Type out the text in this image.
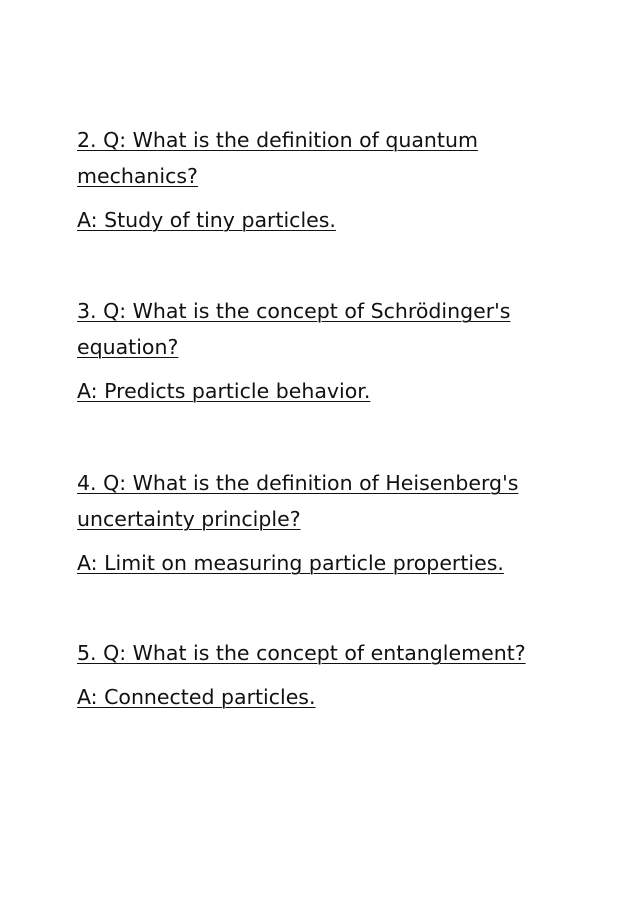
2. Q: What is the definition of quantum mechanics?
A: Study of tiny particles.
3. Q: What is the concept of Schrödinger's equation?
A: Predicts particle behavior.
4. Q: What is the definition of Heisenberg's uncertainty principle?
A: Limit on measuring particle properties.
5. Q: What is the concept of entanglement?
A: Connected particles.
